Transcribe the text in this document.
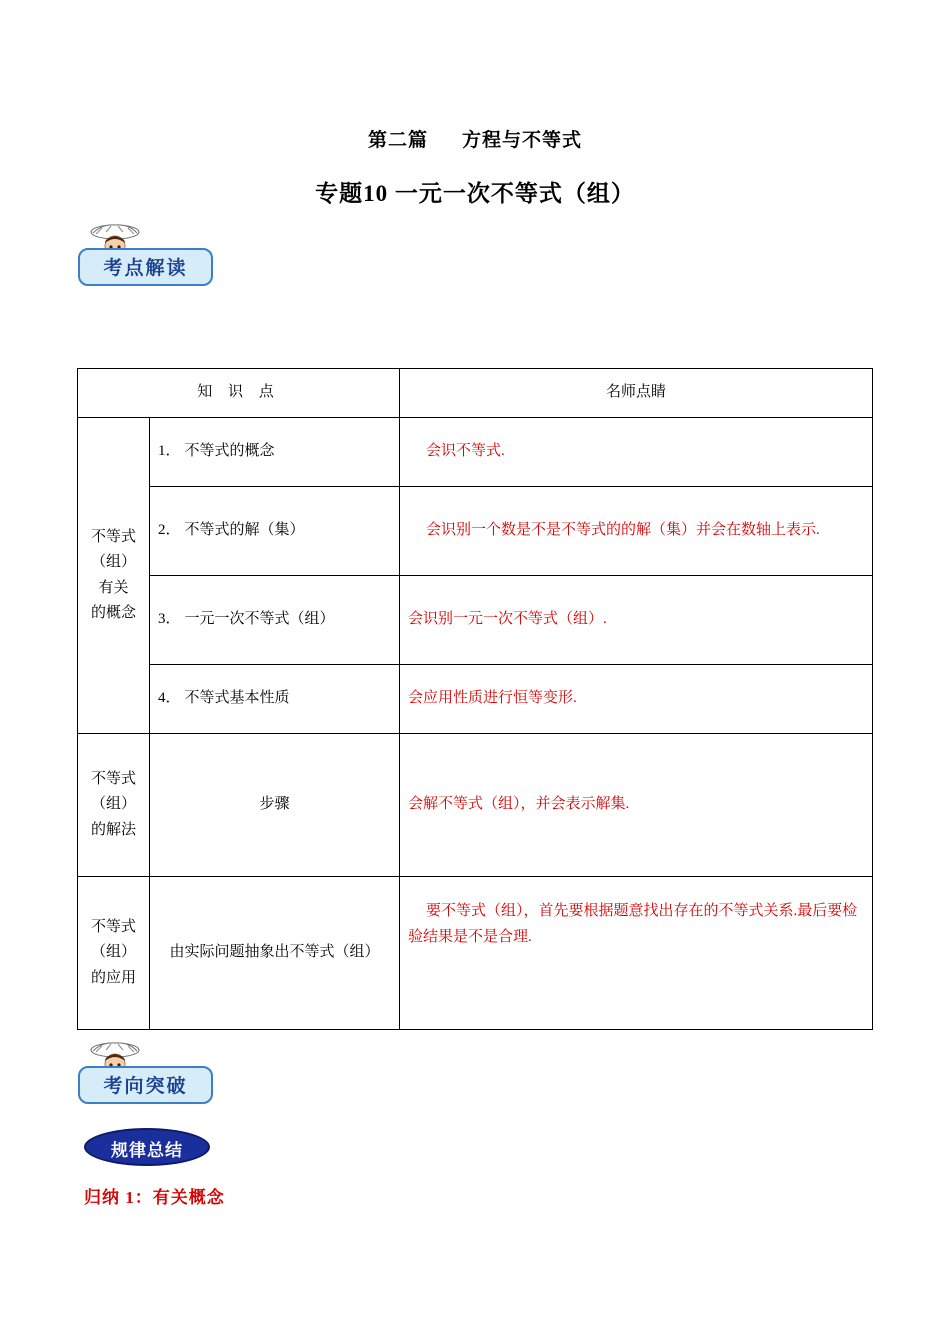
第二篇 方程与不等式
专题10 一元一次不等式（组）
考点解读
知 识 点		名师点睛

不等式
（组）
有关
的概念	1． 不等式的概念	会识不等式.
	2． 不等式的解（集）	会识别一个数是不是不等式的的解（集）并会在数轴上表示.
	3． 一元一次不等式（组）	会识别一元一次不等式（组）.
	4． 不等式基本性质	会应用性质进行恒等变形.

不等式
（组）
的解法	步骤	会解不等式（组），并会表示解集.

不等式
（组）
的应用	由实际问题抽象出不等式（组）	要不等式（组），首先要根据题意找出存在的不等式关系.最后要检验结果是不是合理.
考向突破
规律总结
归纳 1：有关概念
